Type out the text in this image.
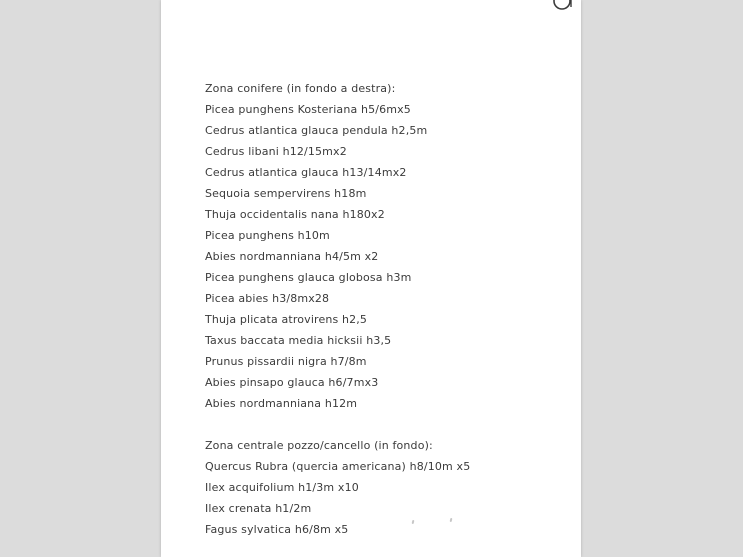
Zona conifere (in fondo a destra):
Picea punghens Kosteriana h5/6mx5
Cedrus atlantica glauca pendula h2,5m
Cedrus libani h12/15mx2
Cedrus atlantica glauca h13/14mx2
Sequoia sempervirens h18m
Thuja occidentalis nana h180x2
Picea punghens h10m
Abies nordmanniana h4/5m x2
Picea punghens glauca globosa h3m
Picea abies h3/8mx28
Thuja plicata atrovirens h2,5
Taxus baccata media hicksii h3,5
Prunus pissardii nigra h7/8m
Abies pinsapo glauca h6/7mx3
Abies nordmanniana h12m
Zona centrale pozzo/cancello (in fondo):
Quercus Rubra (quercia americana) h8/10m x5
Ilex acquifolium h1/3m x10
Ilex crenata h1/2m
Fagus sylvatica h6/8m x5
